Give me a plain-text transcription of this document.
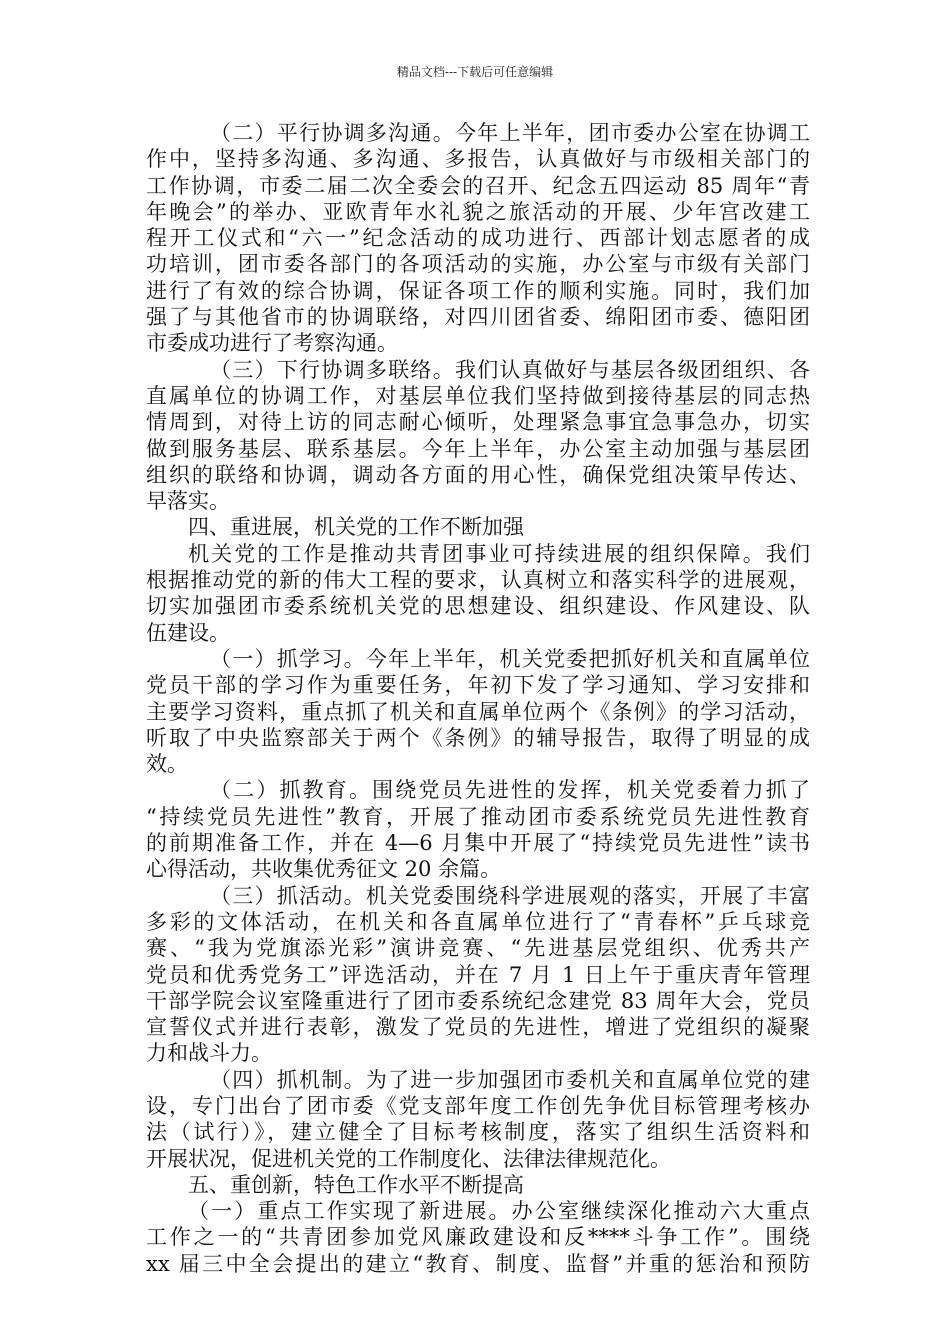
精品文档---下载后可任意编辑
（二）平行协调多沟通。今年上半年，团市委办公室在协调工
作中，坚持多沟通、多沟通、多报告，认真做好与市级相关部门的
工作协调，市委二届二次全委会的召开、纪念五四运动 85 周年“青
年晚会”的举办、亚欧青年水礼貌之旅活动的开展、少年宫改建工
程开工仪式和“六一”纪念活动的成功进行、西部计划志愿者的成
功培训，团市委各部门的各项活动的实施，办公室与市级有关部门
进行了有效的综合协调，保证各项工作的顺利实施。同时，我们加
强了与其他省市的协调联络，对四川团省委、绵阳团市委、德阳团
市委成功进行了考察沟通。
（三）下行协调多联络。我们认真做好与基层各级团组织、各
直属单位的协调工作，对基层单位我们坚持做到接待基层的同志热
情周到，对待上访的同志耐心倾听，处理紧急事宜急事急办，切实
做到服务基层、联系基层。今年上半年，办公室主动加强与基层团
组织的联络和协调，调动各方面的用心性，确保党组决策早传达、
早落实。
四、重进展，机关党的工作不断加强
机关党的工作是推动共青团事业可持续进展的组织保障。我们
根据推动党的新的伟大工程的要求，认真树立和落实科学的进展观，
切实加强团市委系统机关党的思想建设、组织建设、作风建设、队
伍建设。
（一）抓学习。今年上半年，机关党委把抓好机关和直属单位
党员干部的学习作为重要任务，年初下发了学习通知、学习安排和
主要学习资料，重点抓了机关和直属单位两个《条例》的学习活动，
听取了中央监察部关于两个《条例》的辅导报告，取得了明显的成
效。
（二）抓教育。围绕党员先进性的发挥，机关党委着力抓了
“持续党员先进性”教育，开展了推动团市委系统党员先进性教育
的前期准备工作，并在 4—6 月集中开展了“持续党员先进性”读书
心得活动，共收集优秀征文 20 余篇。
（三）抓活动。机关党委围绕科学进展观的落实，开展了丰富
多彩的文体活动，在机关和各直属单位进行了“青春杯”乒乓球竞
赛、“我为党旗添光彩”演讲竞赛、“先进基层党组织、优秀共产
党员和优秀党务工”评选活动，并在 7 月 1 日上午于重庆青年管理
干部学院会议室隆重进行了团市委系统纪念建党 83 周年大会，党员
宣誓仪式并进行表彰，激发了党员的先进性，增进了党组织的凝聚
力和战斗力。
（四）抓机制。为了进一步加强团市委机关和直属单位党的建
设，专门出台了团市委《党支部年度工作创先争优目标管理考核办
法（试行）》，建立健全了目标考核制度，落实了组织生活资料和
开展状况，促进机关党的工作制度化、法律法律规范化。
五、重创新，特色工作水平不断提高
（一）重点工作实现了新进展。办公室继续深化推动六大重点
工作之一的“共青团参加党风廉政建设和反****斗争工作”。围绕
xx 届三中全会提出的建立“教育、制度、监督”并重的惩治和预防
